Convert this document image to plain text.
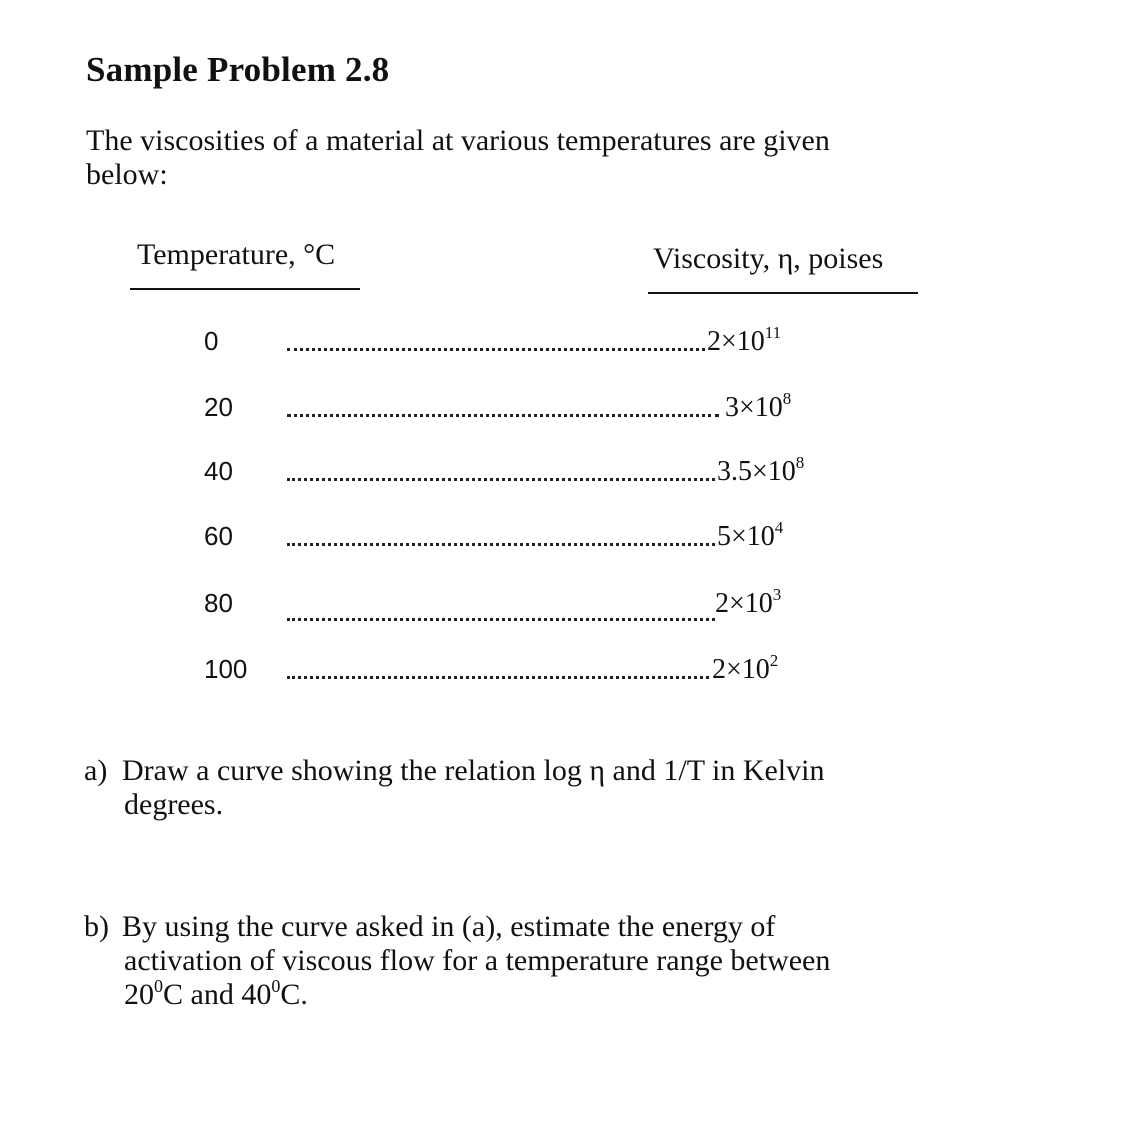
Sample Problem 2.8
The viscosities of a material at various temperatures are given
below:
Temperature, °C	Viscosity, η, poises
0	$2\times 10^{11}$
20	$3\times 10^8$
40	$3.5\times 10^8$
60	$5\times 10^4$
80	$2\times 10^3$
100	$2\times 10^2$
a) Draw a curve showing the relation log η and 1/T in Kelvin
degrees.
b) By using the curve asked in (a), estimate the energy of
activation of viscous flow for a temperature range between
$20^0C$ and $40^0C$.
